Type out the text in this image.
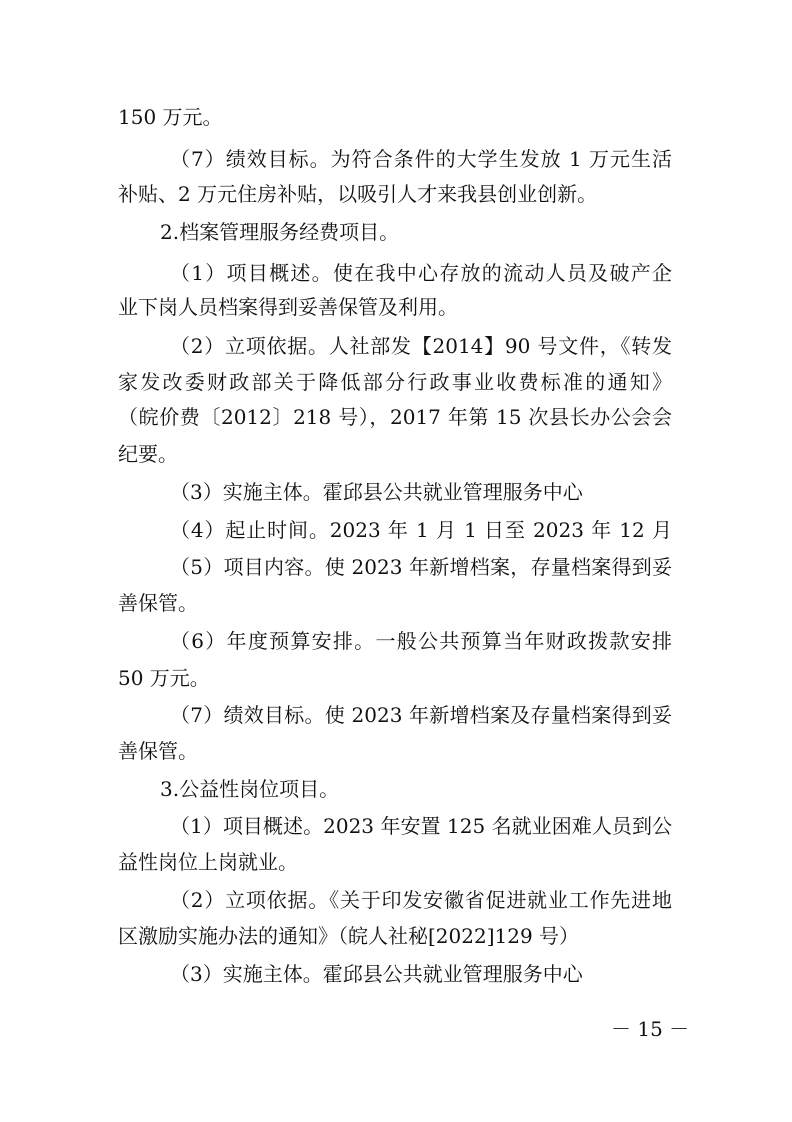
150 万元。
（7）绩效目标。为符合条件的大学生发放 1 万元生活
补贴、2 万元住房补贴，以吸引人才来我县创业创新。
2.档案管理服务经费项目。
（1）项目概述。使在我中心存放的流动人员及破产企
业下岗人员档案得到妥善保管及利用。
（2）立项依据。人社部发【2014】90 号文件，《转发
家发改委财政部关于降低部分行政事业收费标准的通知》
（皖价费〔2012〕218 号），2017 年第 15 次县长办公会会
纪要。
（3）实施主体。霍邱县公共就业管理服务中心
（4）起止时间。2023 年 1 月 1 日至 2023 年 12 月
（5）项目内容。使 2023 年新增档案，存量档案得到妥
善保管。
（6）年度预算安排。一般公共预算当年财政拨款安排
50 万元。
（7）绩效目标。使 2023 年新增档案及存量档案得到妥
善保管。
3.公益性岗位项目。
（1）项目概述。2023 年安置 125 名就业困难人员到公
益性岗位上岗就业。
（2）立项依据。《关于印发安徽省促进就业工作先进地
区激励实施办法的通知》（皖人社秘[2022]129 号）
（3）实施主体。霍邱县公共就业管理服务中心
－ 15 －
